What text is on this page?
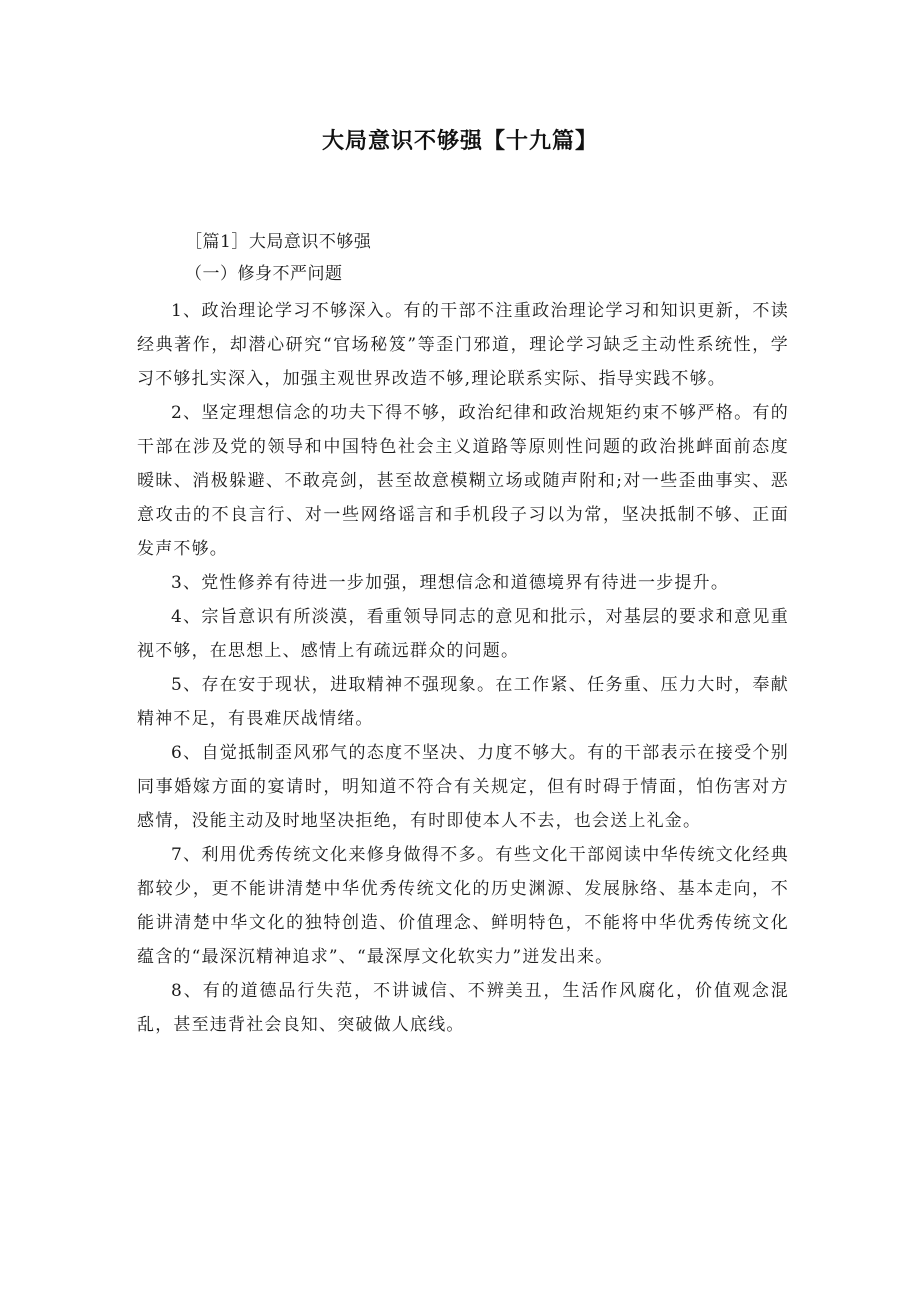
大局意识不够强【十九篇】

［篇1］大局意识不够强

（一）修身不严问题

1、政治理论学习不够深入。有的干部不注重政治理论学习和知识更新，不读经典著作，却潜心研究“官场秘笈”等歪门邪道，理论学习缺乏主动性系统性，学习不够扎实深入，加强主观世界改造不够,理论联系实际、指导实践不够。

2、坚定理想信念的功夫下得不够，政治纪律和政治规矩约束不够严格。有的干部在涉及党的领导和中国特色社会主义道路等原则性问题的政治挑衅面前态度暧昧、消极躲避、不敢亮剑，甚至故意模糊立场或随声附和;对一些歪曲事实、恶意攻击的不良言行、对一些网络谣言和手机段子习以为常，坚决抵制不够、正面发声不够。

3、党性修养有待进一步加强，理想信念和道德境界有待进一步提升。

4、宗旨意识有所淡漠，看重领导同志的意见和批示，对基层的要求和意见重视不够，在思想上、感情上有疏远群众的问题。

5、存在安于现状，进取精神不强现象。在工作紧、任务重、压力大时，奉献精神不足，有畏难厌战情绪。

6、自觉抵制歪风邪气的态度不坚决、力度不够大。有的干部表示在接受个别同事婚嫁方面的宴请时，明知道不符合有关规定，但有时碍于情面，怕伤害对方感情，没能主动及时地坚决拒绝，有时即使本人不去，也会送上礼金。

7、利用优秀传统文化来修身做得不多。有些文化干部阅读中华传统文化经典都较少，更不能讲清楚中华优秀传统文化的历史渊源、发展脉络、基本走向，不能讲清楚中华文化的独特创造、价值理念、鲜明特色，不能将中华优秀传统文化蕴含的“最深沉精神追求”、“最深厚文化软实力”迸发出来。

8、有的道德品行失范，不讲诚信、不辨美丑，生活作风腐化，价值观念混乱，甚至违背社会良知、突破做人底线。
